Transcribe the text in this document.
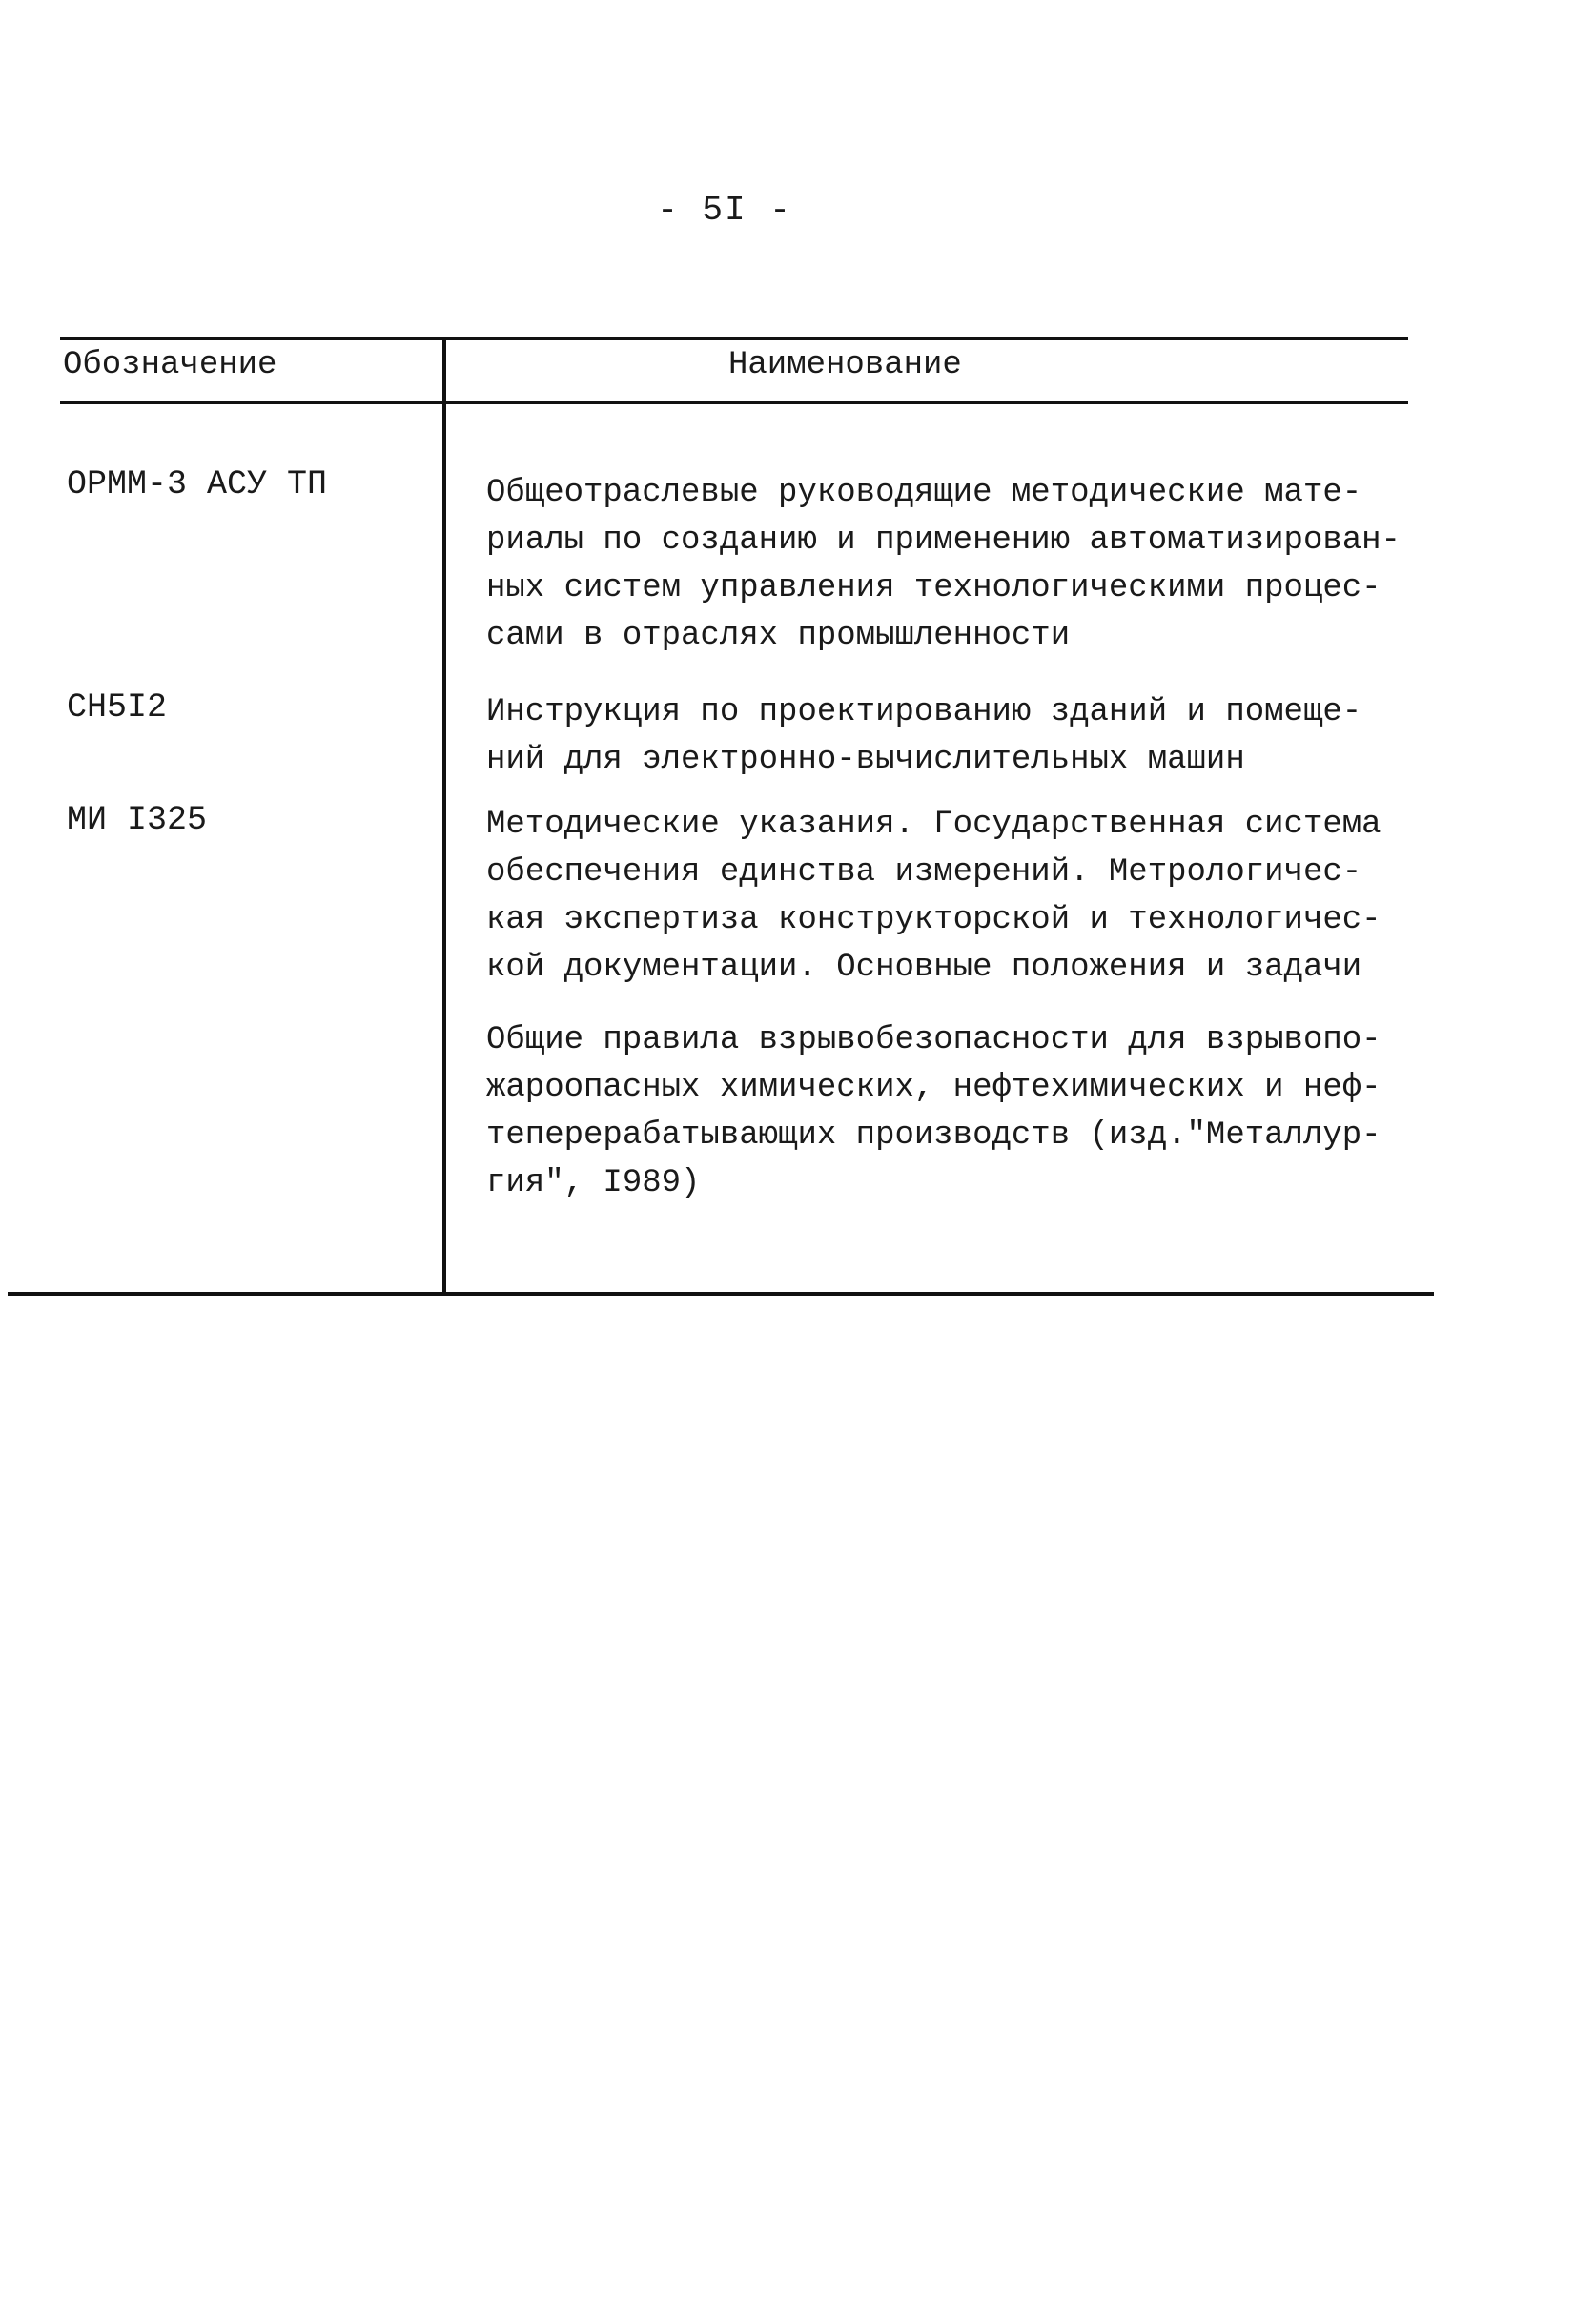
- 5I -
Обозначение	Наименование
ОРММ-3 АСУ ТП	Общеотраслевые руководящие методические мате-
риалы по созданию и применению автоматизирован-
ных систем управления технологическими процес-
сами в отраслях промышленности
СН5I2	Инструкция по проектированию зданий и помеще-
ний для электронно-вычислительных машин
МИ I325	Методические указания. Государственная система
обеспечения единства измерений. Метрологичес-
кая экспертиза конструкторской и технологичес-
кой документации. Основные положения и задачи
Общие правила взрывобезопасности для взрывопо-
жароопасных химических, нефтехимических и неф-
теперерабатывающих производств (изд."Металлур-
гия", I989)
